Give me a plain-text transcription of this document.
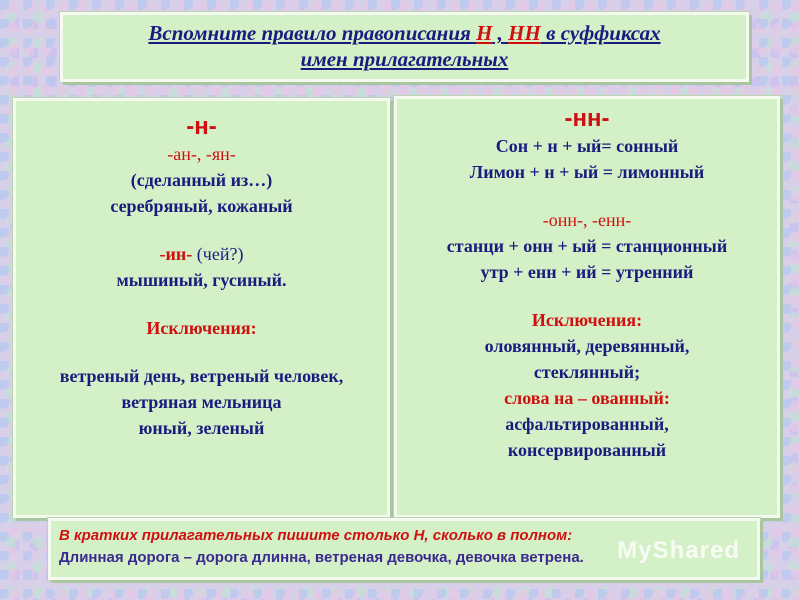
Вспомните правило правописания Н , НН в суффиксах
имен прилагательных
-н-
-ан-, -ян-
(сделанный из…)
серебряный, кожаный
-ин- (чей?)
мышиный, гусиный.
Исключения:
ветреный день, ветреный человек,
ветряная мельница
юный, зеленый
-нн-
Сон + н + ый= сонный
Лимон + н + ый = лимонный
-онн-, -енн-
станци + онн + ый = станционный
утр + енн + ий = утренний
Исключения:
оловянный, деревянный,
стеклянный;
слова на – ованный:
асфальтированный,
консервированный
В кратких прилагательных пишите столько Н, сколько в полном:
Длинная дорога – дорога длинна, ветреная девочка, девочка ветрена.	MyShared
